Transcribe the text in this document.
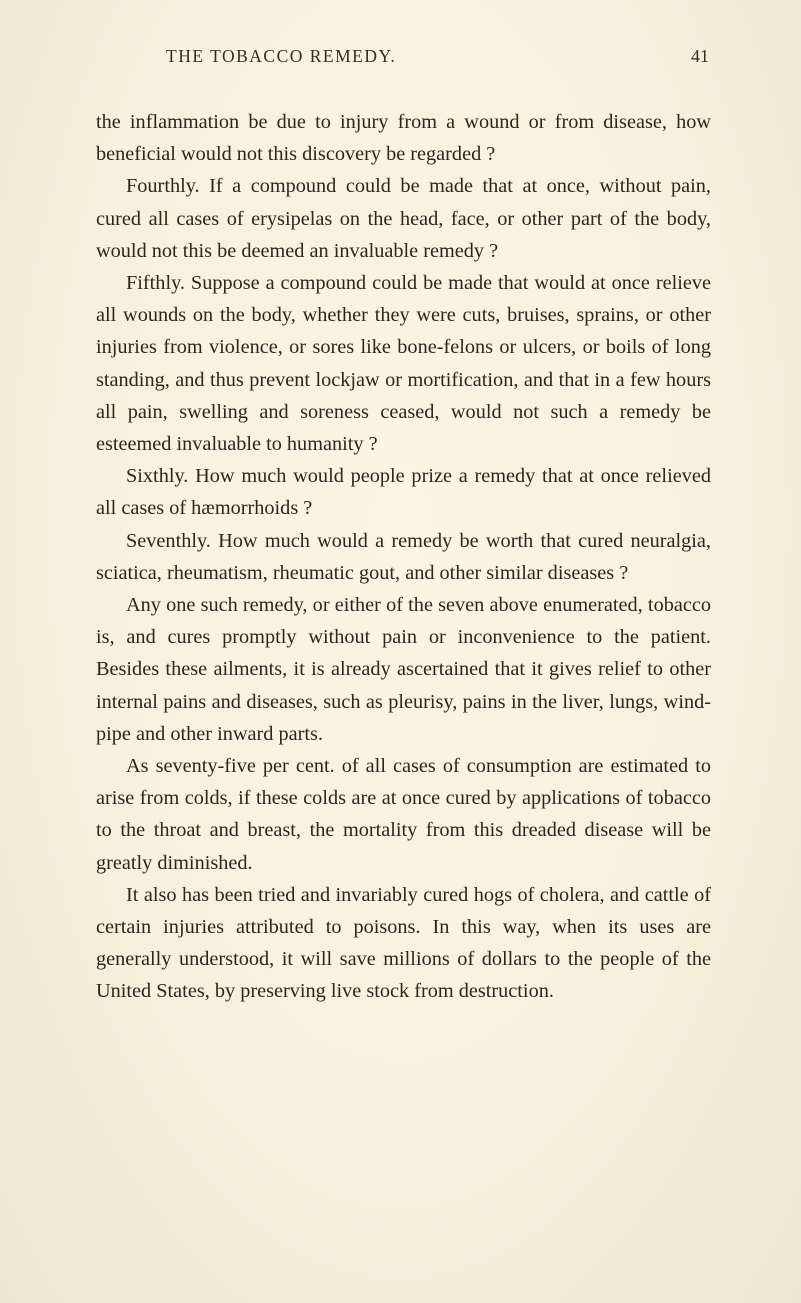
THE TOBACCO REMEDY.	41

the inflammation be due to injury from a wound or from disease, how beneficial would not this discovery be regarded ?

Fourthly. If a compound could be made that at once, without pain, cured all cases of erysipelas on the head, face, or other part of the body, would not this be deemed an invaluable remedy ?

Fifthly. Suppose a compound could be made that would at once relieve all wounds on the body, whether they were cuts, bruises, sprains, or other injuries from violence, or sores like bone-felons or ulcers, or boils of long standing, and thus prevent lockjaw or mortification, and that in a few hours all pain, swelling and soreness ceased, would not such a remedy be esteemed invaluable to humanity ?

Sixthly. How much would people prize a remedy that at once relieved all cases of hæmorrhoids ?

Seventhly. How much would a remedy be worth that cured neuralgia, sciatica, rheumatism, rheumatic gout, and other similar diseases ?

Any one such remedy, or either of the seven above enumerated, tobacco is, and cures promptly without pain or inconvenience to the patient. Besides these ailments, it is already ascertained that it gives relief to other internal pains and diseases, such as pleurisy, pains in the liver, lungs, wind-pipe and other inward parts.

As seventy-five per cent. of all cases of consumption are estimated to arise from colds, if these colds are at once cured by applications of tobacco to the throat and breast, the mortality from this dreaded disease will be greatly diminished.

It also has been tried and invariably cured hogs of cholera, and cattle of certain injuries attributed to poisons. In this way, when its uses are generally understood, it will save millions of dollars to the people of the United States, by preserving live stock from destruction.
